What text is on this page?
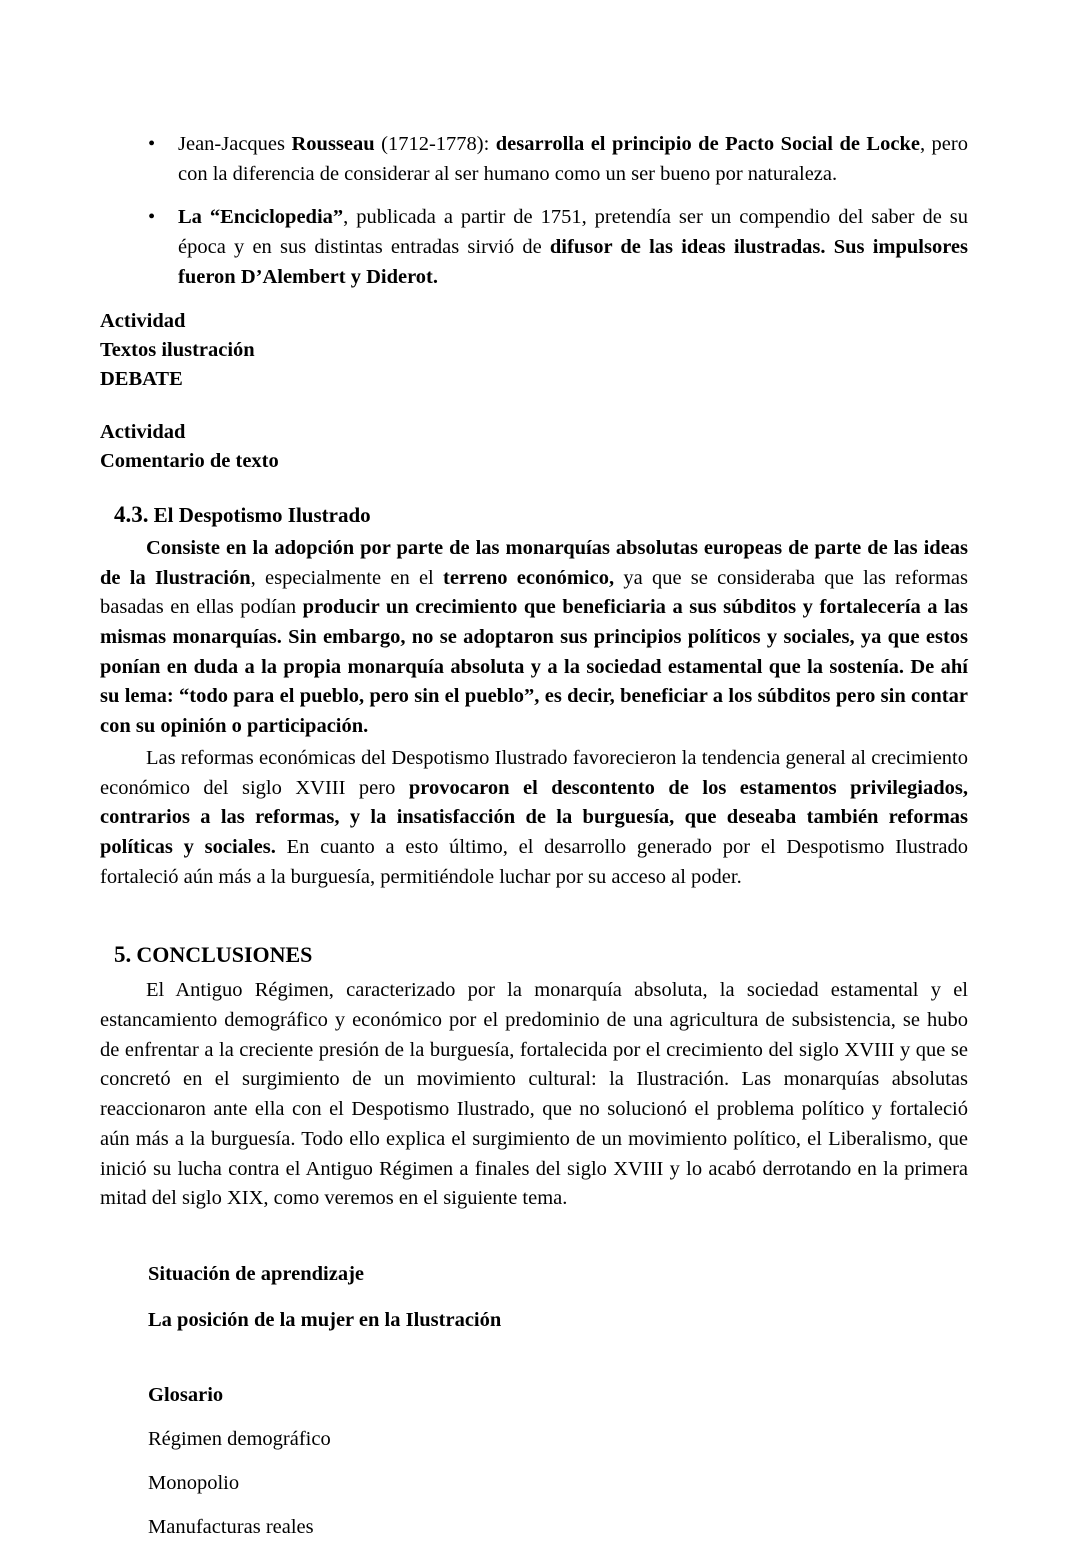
• Jean-Jacques Rousseau (1712-1778): desarrolla el principio de Pacto Social de Locke, pero con la diferencia de considerar al ser humano como un ser bueno por naturaleza.
• La “Enciclopedia”, publicada a partir de 1751, pretendía ser un compendio del saber de su época y en sus distintas entradas sirvió de difusor de las ideas ilustradas. Sus impulsores fueron D’Alembert y Diderot.
Actividad
Textos ilustración
DEBATE
Actividad
Comentario de texto
4.3. El Despotismo Ilustrado

Consiste en la adopción por parte de las monarquías absolutas europeas de parte de las ideas de la Ilustración, especialmente en el terreno económico, ya que se consideraba que las reformas basadas en ellas podían producir un crecimiento que beneficiaria a sus súbditos y fortalecería a las mismas monarquías. Sin embargo, no se adoptaron sus principios políticos y sociales, ya que estos ponían en duda a la propia monarquía absoluta y a la sociedad estamental que la sostenía. De ahí su lema: “todo para el pueblo, pero sin el pueblo”, es decir, beneficiar a los súbditos pero sin contar con su opinión o participación.

Las reformas económicas del Despotismo Ilustrado favorecieron la tendencia general al crecimiento económico del siglo XVIII pero provocaron el descontento de los estamentos privilegiados, contrarios a las reformas, y la insatisfacción de la burguesía, que deseaba también reformas políticas y sociales. En cuanto a esto último, el desarrollo generado por el Despotismo Ilustrado fortaleció aún más a la burguesía, permitiéndole luchar por su acceso al poder.

5. CONCLUSIONES

El Antiguo Régimen, caracterizado por la monarquía absoluta, la sociedad estamental y el estancamiento demográfico y económico por el predominio de una agricultura de subsistencia, se hubo de enfrentar a la creciente presión de la burguesía, fortalecida por el crecimiento del siglo XVIII y que se concretó en el surgimiento de un movimiento cultural: la Ilustración. Las monarquías absolutas reaccionaron ante ella con el Despotismo Ilustrado, que no solucionó el problema político y fortaleció aún más a la burguesía. Todo ello explica el surgimiento de un movimiento político, el Liberalismo, que inició su lucha contra el Antiguo Régimen a finales del siglo XVIII y lo acabó derrotando en la primera mitad del siglo XIX, como veremos en el siguiente tema.

Situación de aprendizaje
La posición de la mujer en la Ilustración
Glosario
Régimen demográfico
Monopolio
Manufacturas reales
